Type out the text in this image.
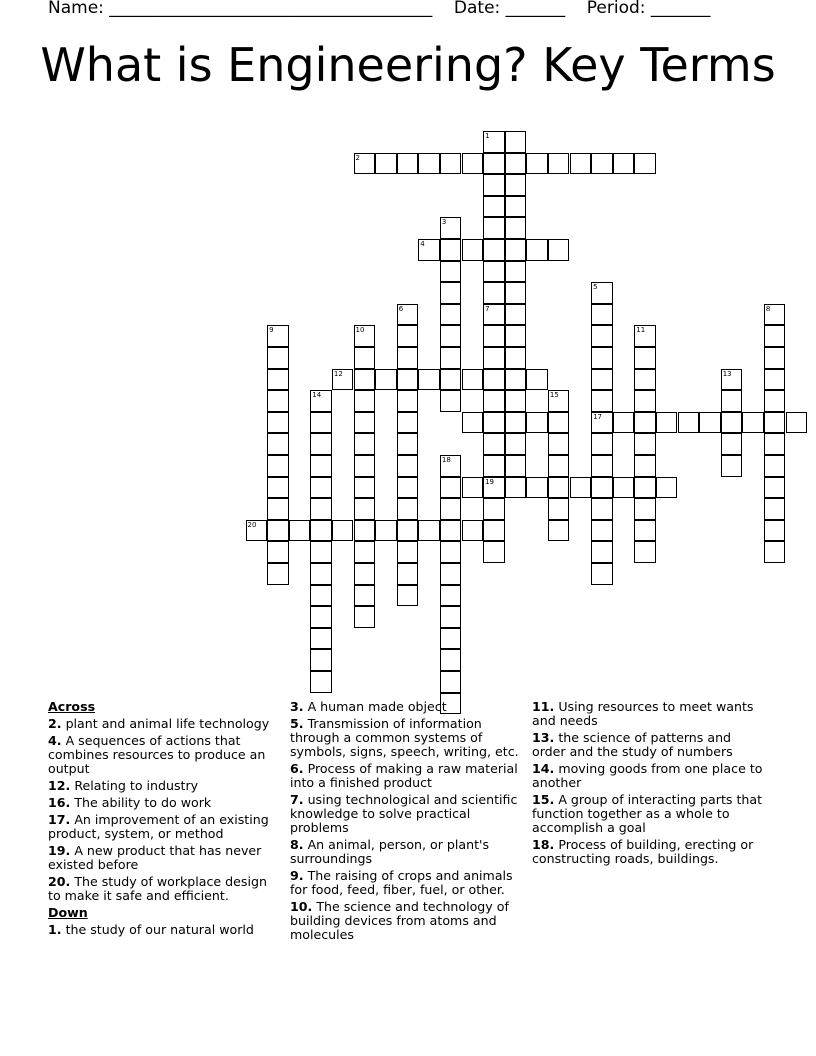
Name: ______________________________________    Date: _______    Period: _______
What is Engineering? Key Terms
1
2
3
4
5
17
6	7
19
8
9	10	11
12	13
14	15
18
20
Across
2. plant and animal life technology
4. A sequences of actions that combines resources to produce an output
12. Relating to industry
16. The ability to do work
17. An improvement of an existing product, system, or method
19. A new product that has never existed before
20. The study of workplace design to make it safe and efficient.
Down
1. the study of our natural world
3. A human made object
5. Transmission of information through a common systems of symbols, signs, speech, writing, etc.
6. Process of making a raw material into a finished product
7. using technological and scientific knowledge to solve practical problems
8. An animal, person, or plant's surroundings
9. The raising of crops and animals for food, feed, fiber, fuel, or other.
10. The science and technology of building devices from atoms and molecules
11. Using resources to meet wants and needs
13. the science of patterns and order and the study of numbers
14. moving goods from one place to another
15. A group of interacting parts that function together as a whole to accomplish a goal
18. Process of building, erecting or constructing roads, buildings.
